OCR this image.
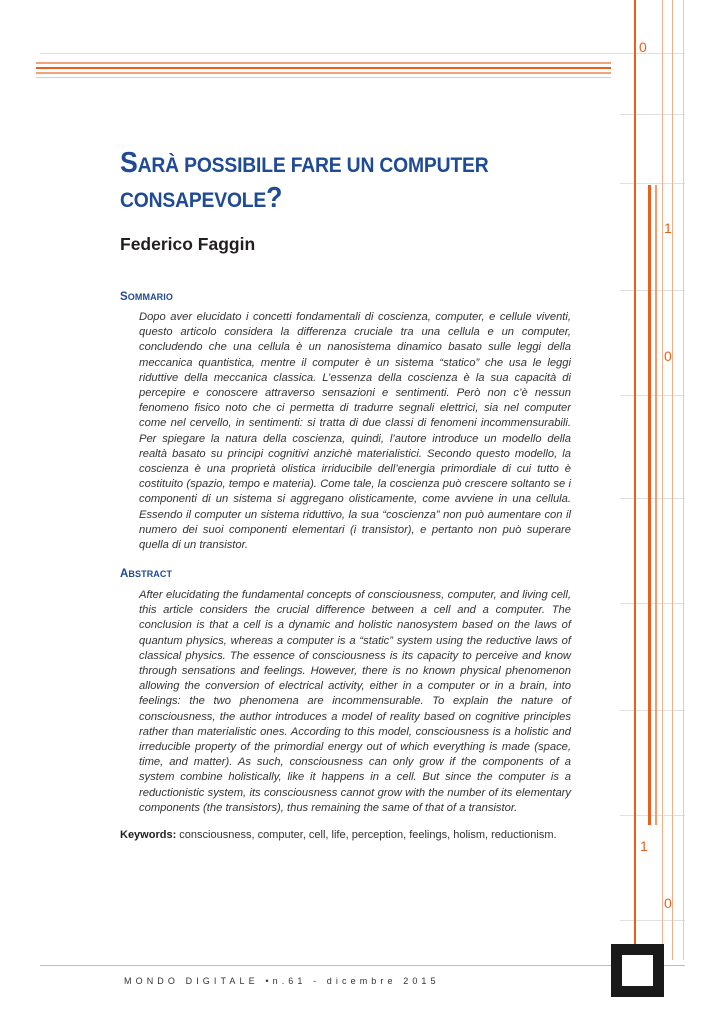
0
1
0
1
0
SARÀ POSSIBILE FARE UN COMPUTER
CONSAPEVOLE?
Federico Faggin
SOMMARIO

Dopo aver elucidato i concetti fondamentali di coscienza, computer, e cellule viventi, questo articolo considera la differenza cruciale tra una cellula e un computer, concludendo che una cellula è un nanosistema dinamico basato sulle leggi della meccanica quantistica, mentre il computer è un sistema “statico” che usa le leggi riduttive della meccanica classica. L’essenza della coscienza è la sua capacità di percepire e conoscere attraverso sensazioni e sentimenti. Però non c’è nessun fenomeno fisico noto che ci permetta di tradurre segnali elettrici, sia nel computer come nel cervello, in sentimenti: si tratta di due classi di fenomeni incommensurabili. Per spiegare la natura della coscienza, quindi, l’autore introduce un modello della realtà basato su principi cognitivi anzichè materialistici. Secondo questo modello, la coscienza è una proprietà olistica irriducibile dell’energia primordiale di cui tutto è costituito (spazio, tempo e materia). Come tale, la coscienza può crescere soltanto se i componenti di un sistema si aggregano olisticamente, come avviene in una cellula. Essendo il computer un sistema riduttivo, la sua “coscienza” non può aumentare con il numero dei suoi componenti elementari (i transistor), e pertanto non può superare quella di un transistor.

ABSTRACT

After elucidating the fundamental concepts of consciousness, computer, and living cell, this article considers the crucial difference between a cell and a computer. The conclusion is that a cell is a dynamic and holistic nanosystem based on the laws of quantum physics, whereas a computer is a “static” system using the reductive laws of classical physics. The essence of consciousness is its capacity to perceive and know through sensations and feelings. However, there is no known physical phenomenon allowing the conversion of electrical activity, either in a computer or in a brain, into feelings: the two phenomena are incommensurable. To explain the nature of consciousness, the author introduces a model of reality based on cognitive principles rather than materialistic ones. According to this model, consciousness is a holistic and irreducible property of the primordial energy out of which everything is made (space, time, and matter). As such, consciousness can only grow if the components of a system combine holistically, like it happens in a cell. But since the computer is a reductionistic system, its consciousness cannot grow with the number of its elementary components (the transistors), thus remaining the same of that of a transistor.

Keywords: consciousness, computer, cell, life, perception, feelings, holism, reductionism.

MONDO DIGITALE •n.61 - dicembre 2015
